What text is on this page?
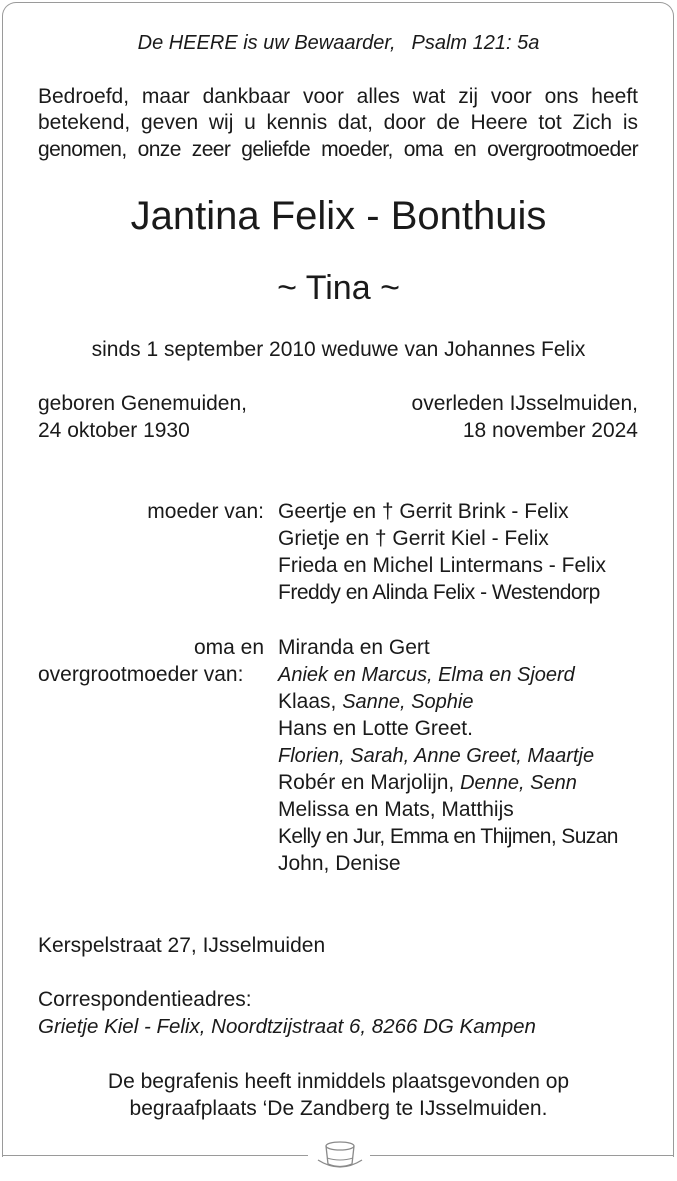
De HEERE is uw Bewaarder, Psalm 121: 5a
Bedroefd, maar dankbaar voor alles wat zij voor ons heeft
betekend, geven wij u kennis dat, door de Heere tot Zich is
genomen, onze zeer geliefde moeder, oma en overgrootmoeder
Jantina Felix - Bonthuis
~ Tina ~
sinds 1 september 2010 weduwe van Johannes Felix
geboren Genemuiden,
24 oktober 1930
overleden IJsselmuiden,
18 november 2024
moeder van: Geertje en † Gerrit Brink - Felix
Grietje en † Gerrit Kiel - Felix
Frieda en Michel Lintermans - Felix
Freddy en Alinda Felix - Westendorp
oma en
overgrootmoeder van:
Miranda en Gert
Aniek en Marcus, Elma en Sjoerd
Klaas, Sanne, Sophie
Hans en Lotte Greet.
Florien, Sarah, Anne Greet, Maartje
Robér en Marjolijn, Denne, Senn
Melissa en Mats, Matthijs
Kelly en Jur, Emma en Thijmen, Suzan
John, Denise
Kerspelstraat 27, IJsselmuiden
Correspondentieadres:
Grietje Kiel - Felix, Noordtzijstraat 6, 8266 DG Kampen
De begrafenis heeft inmiddels plaatsgevonden op
begraafplaats ‘De Zandberg te IJsselmuiden.
